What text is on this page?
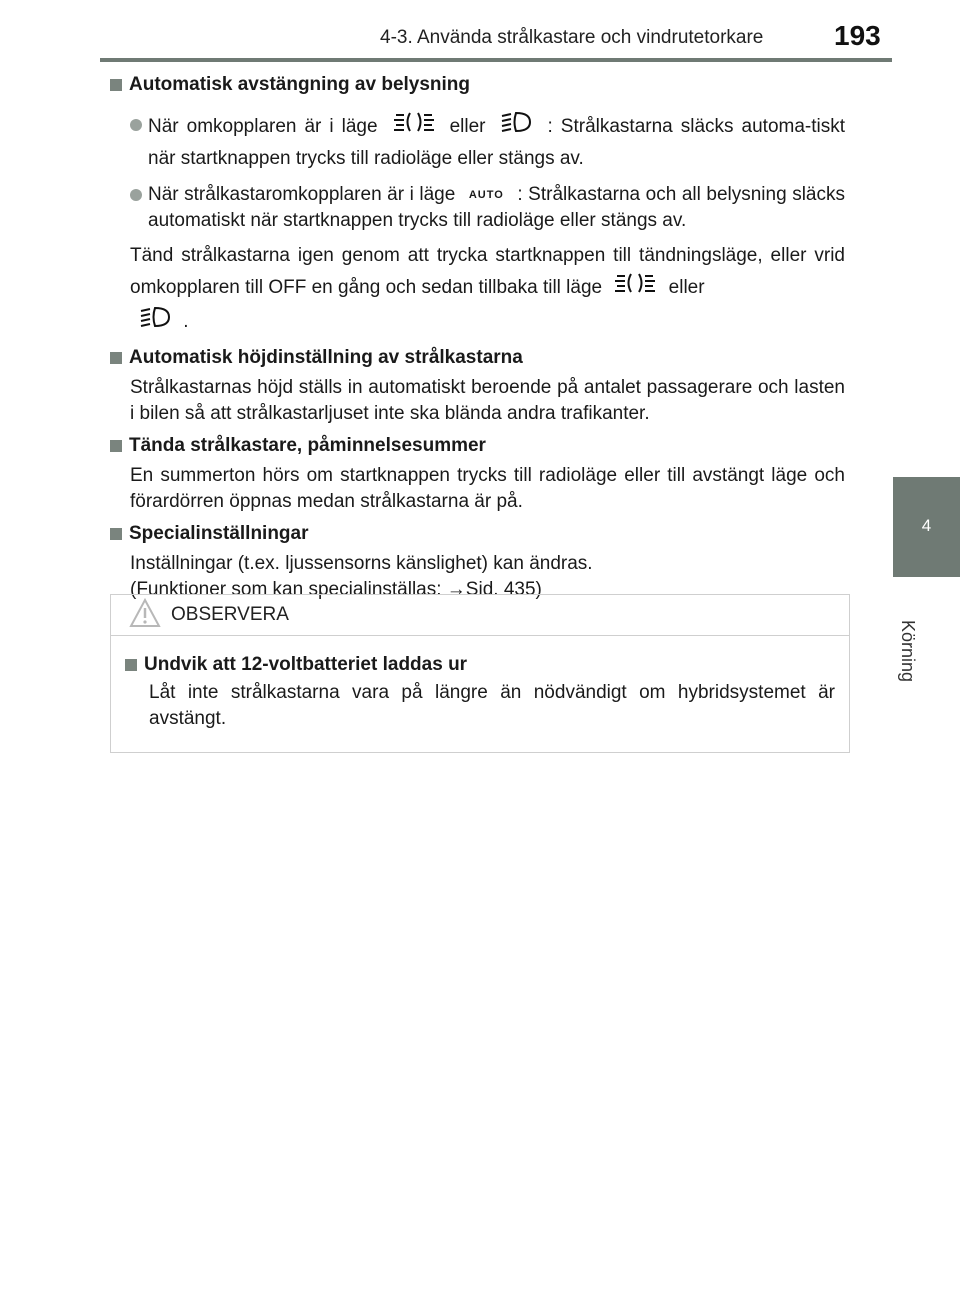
4-3. Använda strålkastare och vindrutetorkare	193
4
Körning

Automatisk avstängning av belysning

När omkopplaren är i läge	eller	: Strålkastarna släcks automa-tiskt när startknappen trycks till radioläge eller stängs av.
När strålkastaromkopplaren är i läge AUTO : Strålkastarna och all belysning släcks automatiskt när startknappen trycks till radioläge eller stängs av.

Tänd strålkastarna igen genom att trycka startknappen till tändningsläge, eller vrid omkopplaren till OFF en gång och sedan tillbaka till läge	eller
.

Automatisk höjdinställning av strålkastarna

Strålkastarnas höjd ställs in automatiskt beroende på antalet passagerare och lasten i bilen så att strålkastarljuset inte ska blända andra trafikanter.

Tända strålkastare, påminnelsesummer

En summerton hörs om startknappen trycks till radioläge eller till avstängt läge och förardörren öppnas medan strålkastarna är på.

Specialinställningar

Inställningar (t.ex. ljussensorns känslighet) kan ändras.
(Funktioner som kan specialinställas: →Sid. 435)

OBSERVERA

Undvik att 12-voltbatteriet laddas ur

Låt inte strålkastarna vara på längre än nödvändigt om hybridsystemet är avstängt.
